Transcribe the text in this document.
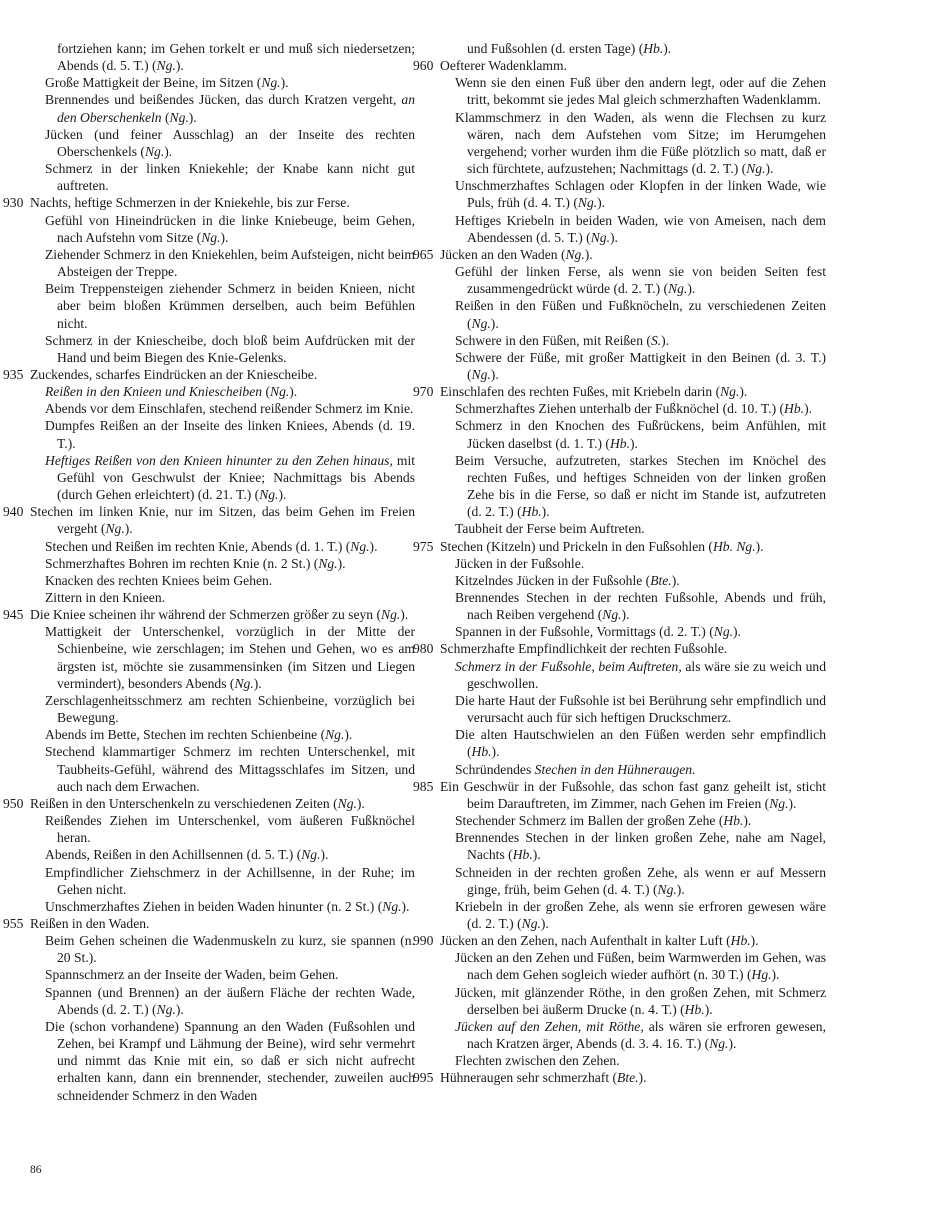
fortziehen kann; im Gehen torkelt er und muß sich niedersetzen; Abends (d. 5. T.) (Ng.).

Große Mattigkeit der Beine, im Sitzen (Ng.).

Brennendes und beißendes Jücken, das durch Kratzen vergeht, an den Oberschenkeln (Ng.).

Jücken (und feiner Ausschlag) an der Inseite des rechten Oberschenkels (Ng.).

Schmerz in der linken Kniekehle; der Knabe kann nicht gut auftreten.

930Nachts, heftige Schmerzen in der Kniekehle, bis zur Ferse.

Gefühl von Hineindrücken in die linke Kniebeuge, beim Gehen, nach Aufstehn vom Sitze (Ng.).

Ziehender Schmerz in den Kniekehlen, beim Aufsteigen, nicht beim Absteigen der Treppe.

Beim Treppensteigen ziehender Schmerz in beiden Knieen, nicht aber beim bloßen Krümmen derselben, auch beim Befühlen nicht.

Schmerz in der Kniescheibe, doch bloß beim Aufdrücken mit der Hand und beim Biegen des Knie-Gelenks.

935Zuckendes, scharfes Eindrücken an der Kniescheibe.

Reißen in den Knieen und Kniescheiben (Ng.).

Abends vor dem Einschlafen, stechend reißender Schmerz im Knie.

Dumpfes Reißen an der Inseite des linken Kniees, Abends (d. 19. T.).

Heftiges Reißen von den Knieen hinunter zu den Zehen hinaus, mit Gefühl von Geschwulst der Kniee; Nachmittags bis Abends (durch Gehen erleichtert) (d. 21. T.) (Ng.).

940Stechen im linken Knie, nur im Sitzen, das beim Gehen im Freien vergeht (Ng.).

Stechen und Reißen im rechten Knie, Abends (d. 1. T.) (Ng.).

Schmerzhaftes Bohren im rechten Knie (n. 2 St.) (Ng.).

Knacken des rechten Kniees beim Gehen.

Zittern in den Knieen.

945Die Kniee scheinen ihr während der Schmerzen größer zu seyn (Ng.).

Mattigkeit der Unterschenkel, vorzüglich in der Mitte der Schienbeine, wie zerschlagen; im Stehen und Gehen, wo es am ärgsten ist, möchte sie zusammensinken (im Sitzen und Liegen vermindert), besonders Abends (Ng.).

Zerschlagenheitsschmerz am rechten Schienbeine, vorzüglich bei Bewegung.

Abends im Bette, Stechen im rechten Schienbeine (Ng.).

Stechend klammartiger Schmerz im rechten Unterschenkel, mit Taubheits-Gefühl, während des Mittagsschlafes im Sitzen, und auch nach dem Erwachen.

950Reißen in den Unterschenkeln zu verschiedenen Zeiten (Ng.).

Reißendes Ziehen im Unterschenkel, vom äußeren Fußknöchel heran.

Abends, Reißen in den Achillsennen (d. 5. T.) (Ng.).

Empfindlicher Ziehschmerz in der Achillsenne, in der Ruhe; im Gehen nicht.

Unschmerzhaftes Ziehen in beiden Waden hinunter (n. 2 St.) (Ng.).

955Reißen in den Waden.

Beim Gehen scheinen die Wadenmuskeln zu kurz, sie spannen (n. 20 St.).

Spannschmerz an der Inseite der Waden, beim Gehen.

Spannen (und Brennen) an der äußern Fläche der rechten Wade, Abends (d. 2. T.) (Ng.).

Die (schon vorhandene) Spannung an den Waden (Fußsohlen und Zehen, bei Krampf und Lähmung der Beine), wird sehr vermehrt und nimmt das Knie mit ein, so daß er sich nicht aufrecht erhalten kann, dann ein brennender, stechender, zuweilen auch schneidender Schmerz in den Waden

und Fußsohlen (d. ersten Tage) (Hb.).

960Oefterer Wadenklamm.

Wenn sie den einen Fuß über den andern legt, oder auf die Zehen tritt, bekommt sie jedes Mal gleich schmerzhaften Wadenklamm.

Klammschmerz in den Waden, als wenn die Flechsen zu kurz wären, nach dem Aufstehen vom Sitze; im Herumgehen vergehend; vorher wurden ihm die Füße plötzlich so matt, daß er sich fürchtete, aufzustehen; Nachmittags (d. 2. T.) (Ng.).

Unschmerzhaftes Schlagen oder Klopfen in der linken Wade, wie Puls, früh (d. 4. T.) (Ng.).

Heftiges Kriebeln in beiden Waden, wie von Ameisen, nach dem Abendessen (d. 5. T.) (Ng.).

965Jücken an den Waden (Ng.).

Gefühl der linken Ferse, als wenn sie von beiden Seiten fest zusammengedrückt würde (d. 2. T.) (Ng.).

Reißen in den Füßen und Fußknöcheln, zu verschiedenen Zeiten (Ng.).

Schwere in den Füßen, mit Reißen (S.).

Schwere der Füße, mit großer Mattigkeit in den Beinen (d. 3. T.) (Ng.).

970Einschlafen des rechten Fußes, mit Kriebeln darin (Ng.).

Schmerzhaftes Ziehen unterhalb der Fußknöchel (d. 10. T.) (Hb.).

Schmerz in den Knochen des Fußrückens, beim Anfühlen, mit Jücken daselbst (d. 1. T.) (Hb.).

Beim Versuche, aufzutreten, starkes Stechen im Knöchel des rechten Fußes, und heftiges Schneiden von der linken großen Zehe bis in die Ferse, so daß er nicht im Stande ist, aufzutreten (d. 2. T.) (Hb.).

Taubheit der Ferse beim Auftreten.

975Stechen (Kitzeln) und Prickeln in den Fußsohlen (Hb. Ng.).

Jücken in der Fußsohle.

Kitzelndes Jücken in der Fußsohle (Bte.).

Brennendes Stechen in der rechten Fußsohle, Abends und früh, nach Reiben vergehend (Ng.).

Spannen in der Fußsohle, Vormittags (d. 2. T.) (Ng.).

980Schmerzhafte Empfindlichkeit der rechten Fußsohle.

Schmerz in der Fußsohle, beim Auftreten, als wäre sie zu weich und geschwollen.

Die harte Haut der Fußsohle ist bei Berührung sehr empfindlich und verursacht auch für sich heftigen Druckschmerz.

Die alten Hautschwielen an den Füßen werden sehr empfindlich (Hb.).

Schründendes Stechen in den Hühneraugen.

985Ein Geschwür in der Fußsohle, das schon fast ganz geheilt ist, sticht beim Darauftreten, im Zimmer, nach Gehen im Freien (Ng.).

Stechender Schmerz im Ballen der großen Zehe (Hb.).

Brennendes Stechen in der linken großen Zehe, nahe am Nagel, Nachts (Hb.).

Schneiden in der rechten großen Zehe, als wenn er auf Messern ginge, früh, beim Gehen (d. 4. T.) (Ng.).

Kriebeln in der großen Zehe, als wenn sie erfroren gewesen wäre (d. 2. T.) (Ng.).

990Jücken an den Zehen, nach Aufenthalt in kalter Luft (Hb.).

Jücken an den Zehen und Füßen, beim Warmwerden im Gehen, was nach dem Gehen sogleich wieder aufhört (n. 30 T.) (Hg.).

Jücken, mit glänzender Röthe, in den großen Zehen, mit Schmerz derselben bei äußerm Drucke (n. 4. T.) (Hb.).

Jücken auf den Zehen, mit Röthe, als wären sie erfroren gewesen, nach Kratzen ärger, Abends (d. 3. 4. 16. T.) (Ng.).

Flechten zwischen den Zehen.

995Hühneraugen sehr schmerzhaft (Bte.).

86
